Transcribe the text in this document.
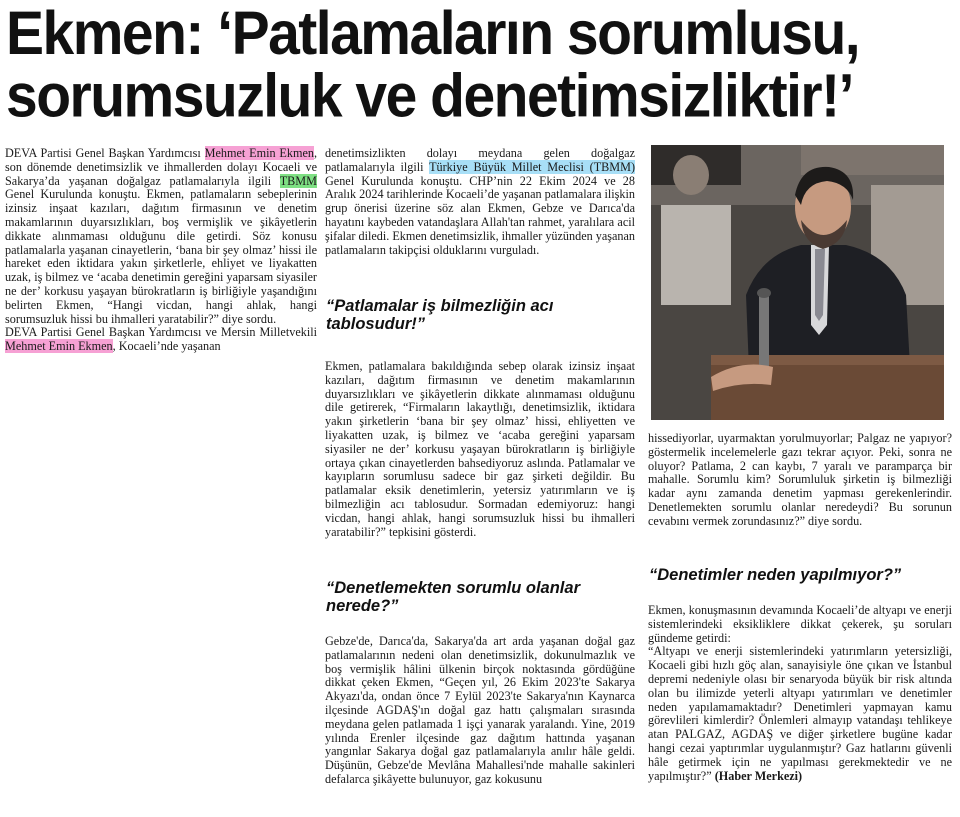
Ekmen: ‘Patlamaların sorumlusu,
sorumsuzluk ve denetimsizliktir!’

DEVA Partisi Genel Başkan Yardımcısı Mehmet Emin Ekmen, son dönemde denetimsizlik ve ihmallerden dolayı Kocaeli ve Sakarya’da yaşanan doğalgaz patlamalarıyla ilgili TBMM Genel Kurulunda konuştu. Ekmen, patlamaların sebeplerinin izinsiz inşaat kazıları, dağıtım firmasının ve denetim makamlarının duyarsızlıkları, boş vermişlik ve şikâyetlerin dikkate alınmaması olduğunu dile getirdi. Söz konusu patlamalarla yaşanan cinayetlerin, ‘bana bir şey olmaz’ hissi ile hareket eden iktidara yakın şirketlerle, ehliyet ve liyakatten uzak, iş bilmez ve ‘acaba denetimin gereğini yaparsam siyasiler ne der’ korkusu yaşayan bürokratların iş birliğiyle yaşandığını belirten Ekmen, “Hangi vicdan, hangi ahlak, hangi sorumsuzluk hissi bu ihmalleri yaratabilir?” diye sordu.

DEVA Partisi Genel Başkan Yardımcısı ve Mersin Milletvekili Mehmet Emin Ekmen, Kocaeli’nde yaşanan

denetimsizlikten dolayı meydana gelen doğalgaz patlamalarıyla ilgili Türkiye Büyük Millet Meclisi (TBMM) Genel Kurulunda konuştu. CHP’nin 22 Ekim 2024 ve 28 Aralık 2024 tarihlerinde Kocaeli’de yaşanan patlamalara ilişkin grup önerisi üzerine söz alan Ekmen, Gebze ve Darıca'da hayatını kaybeden vatandaşlara Allah'tan rahmet, yaralılara acil şifalar diledi. Ekmen denetimsizlik, ihmaller yüzünden yaşanan patlamaların takipçisi olduklarını vurguladı.

“Patlamalar iş bilmezliğin acı tablosudur!”

Ekmen, patlamalara bakıldığında sebep olarak izinsiz inşaat kazıları, dağıtım firmasının ve denetim makamlarının duyarsızlıkları ve şikâyetlerin dikkate alınmaması olduğunu dile getirerek, “Firmaların lakaytlığı, denetimsizlik, iktidara yakın şirketlerin ‘bana bir şey olmaz’ hissi, ehliyetten ve liyakatten uzak, iş bilmez ve ‘acaba gereğini yaparsam siyasiler ne der’ korkusu yaşayan bürokratların iş birliğiyle ortaya çıkan cinayetlerden bahsediyoruz aslında. Patlamalar ve kayıpların sorumlusu sadece bir gaz şirketi değildir. Bu patlamalar eksik denetimlerin, yetersiz yatırımların ve iş bilmezliğin acı tablosudur. Sormadan edemiyoruz: hangi vicdan, hangi ahlak, hangi sorumsuzluk hissi bu ihmalleri yaratabilir?” tepkisini gösterdi.

“Denetlemekten sorumlu olanlar nerede?”

Gebze'de, Darıca'da, Sakarya'da art arda yaşanan doğal gaz patlamalarının nedeni olan denetimsizlik, dokunulmazlık ve boş vermişlik hâlini ülkenin birçok noktasında gördüğüne dikkat çeken Ekmen, “Geçen yıl, 26 Ekim 2023'te Sakarya Akyazı'da, ondan önce 7 Eylül 2023'te Sakarya'nın Kaynarca ilçesinde AGDAŞ'ın doğal gaz hattı çalışmaları sırasında meydana gelen patlamada 1 işçi yanarak yaralandı. Yine, 2019 yılında Erenler ilçesinde gaz dağıtım hattında yaşanan yangınlar Sakarya doğal gaz patlamalarıyla anılır hâle geldi. Düşünün, Gebze'de Mevlâna Mahallesi'nde mahalle sakinleri defalarca şikâyette bulunuyor, gaz kokusunu

hissediyorlar, uyarmaktan yorulmuyorlar; Palgaz ne yapıyor? göstermelik incelemelerle gazı tekrar açıyor. Peki, sonra ne oluyor? Patlama, 2 can kaybı, 7 yaralı ve paramparça bir mahalle. Sorumlu kim? Sorumluluk şirketin iş bilmezliği kadar aynı zamanda denetim yapması gerekenlerindir. Denetlemekten sorumlu olanlar neredeydi? Bu sorunun cevabını vermek zorundasınız?” diye sordu.

“Denetimler neden yapılmıyor?”

Ekmen, konuşmasının devamında Kocaeli’de altyapı ve enerji sistemlerindeki eksikliklere dikkat çekerek, şu soruları gündeme getirdi:

“Altyapı ve enerji sistemlerindeki yatırımların yetersizliği, Kocaeli gibi hızlı göç alan, sanayisiyle öne çıkan ve İstanbul depremi nedeniyle olası bir senaryoda büyük bir risk altında olan bu ilimizde yeterli altyapı yatırımları ve denetimler neden yapılamamaktadır? Denetimleri yapmayan kamu görevlileri kimlerdir? Önlemleri almayıp vatandaşı tehlikeye atan PALGAZ, AGDAŞ ve diğer şirketlere bugüne kadar hangi cezai yaptırımlar uygulanmıştır? Gaz hatlarını güvenli hâle getirmek için ne yapılması gerekmektedir ve ne yapılmıştır?” (Haber Merkezi)
